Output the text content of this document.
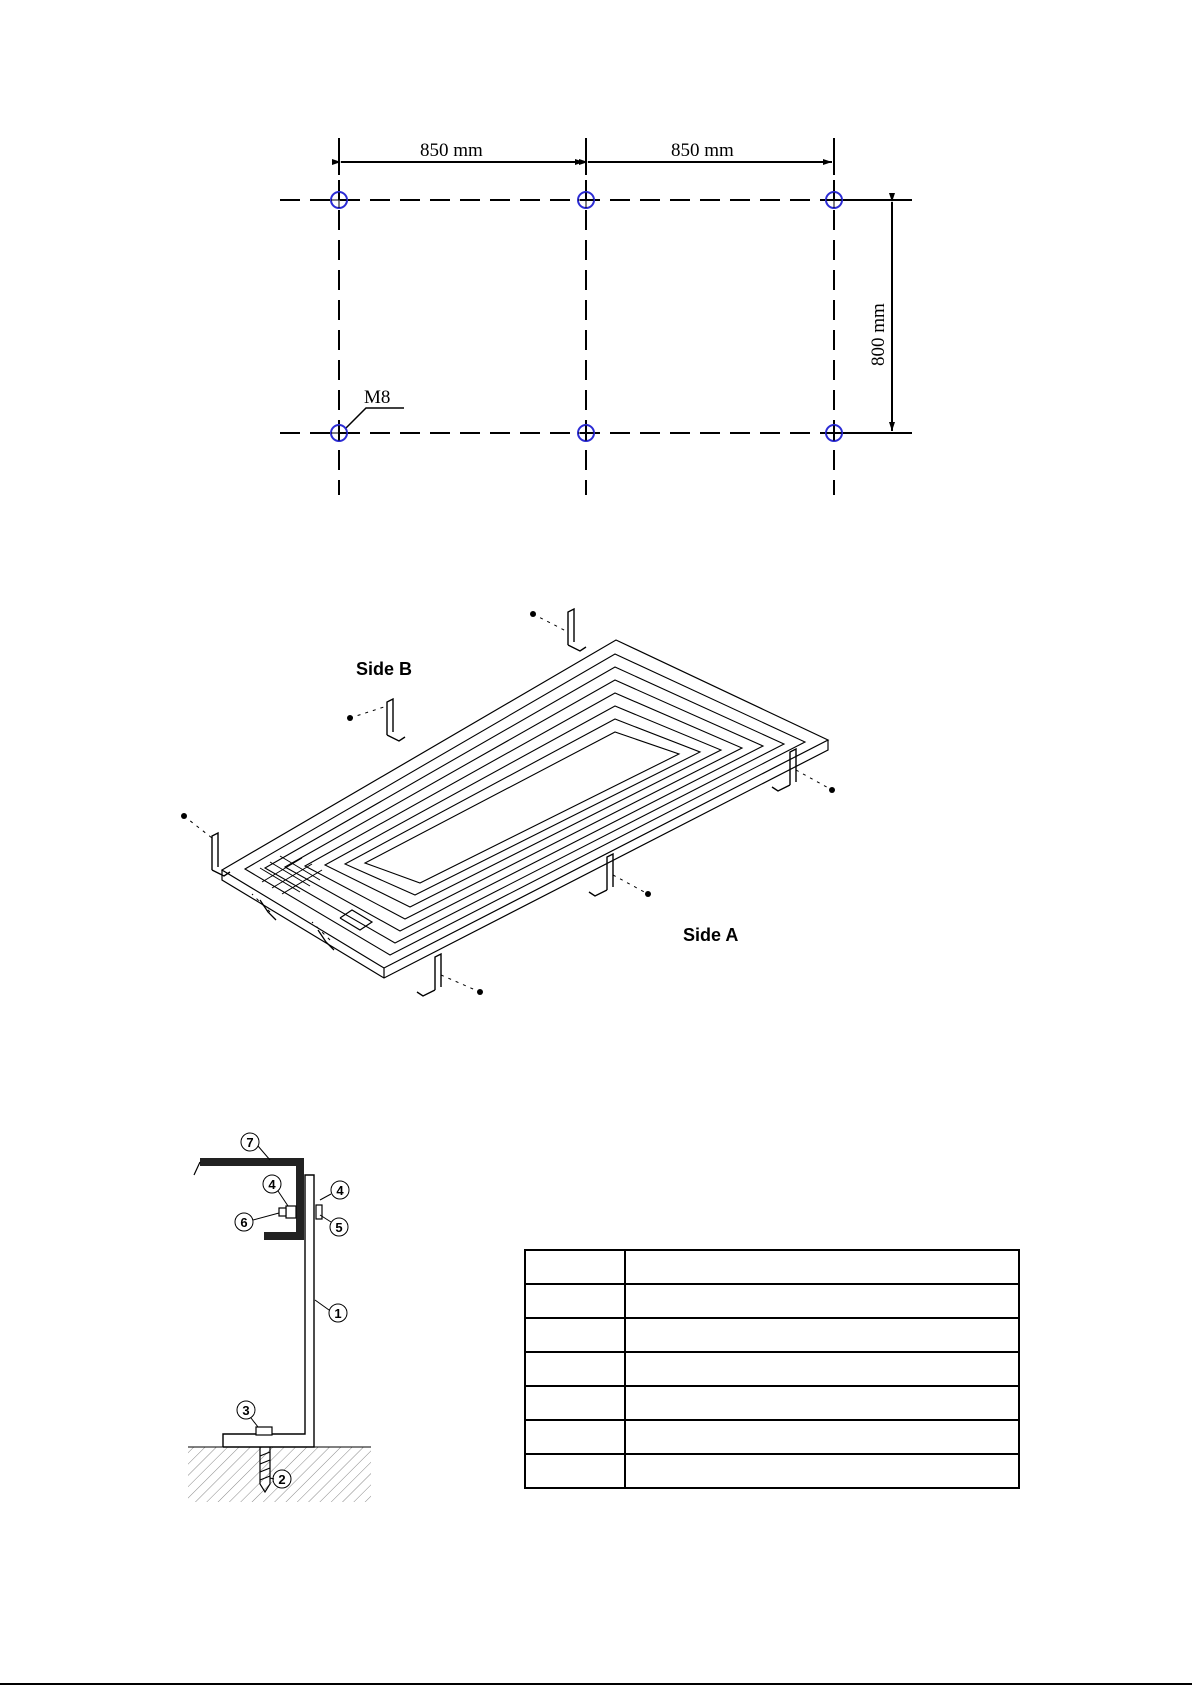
850 mm	850 mm
800 mm
M8
Side B
Side A
7
4	4
6	5
1
3
2
